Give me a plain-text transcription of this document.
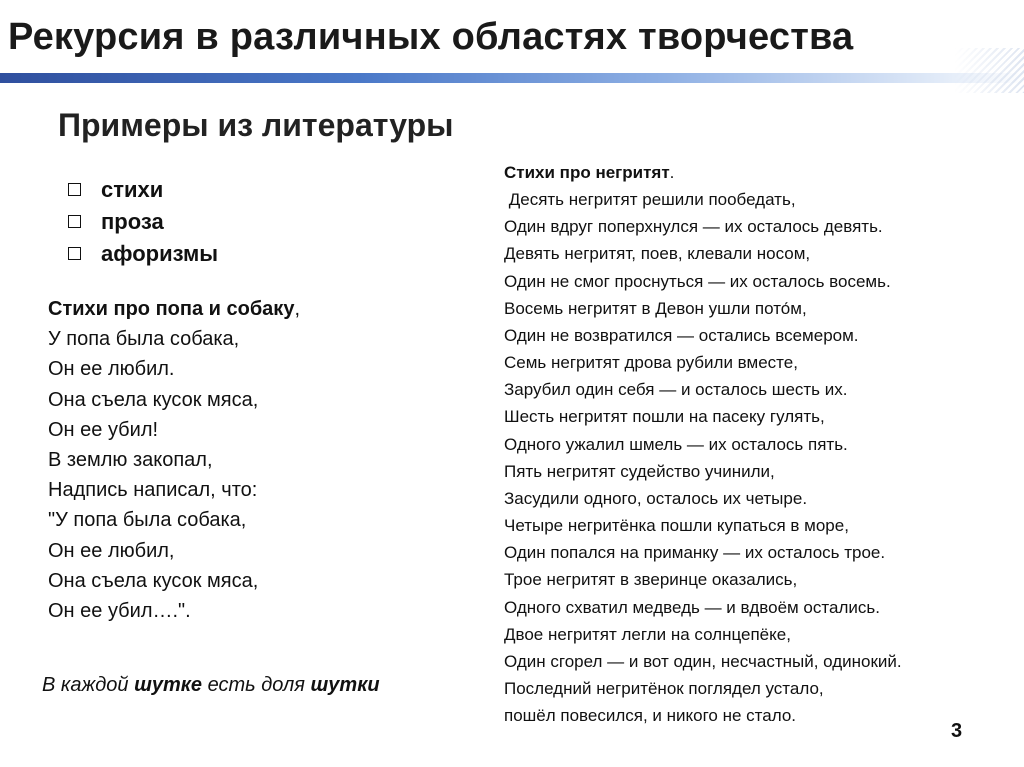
Рекурсия в различных областях творчества
Примеры из литературы
стихи
проза
афоризмы
Стихи про попа и собаку,
У попа была собака,
Он ее любил.
Она съела кусок мяса,
Он ее убил!
В землю закопал,
Надпись написал, что:
"У попа была собака,
Он ее любил,
Она съела кусок мяса,
Он ее убил….".
В каждой шутке есть доля шутки
Стихи про негритят.
Десять негритят решили пообедать,
Один вдруг поперхнулся — их осталось девять.
Девять негритят, поев, клевали носом,
Один не смог проснуться — их осталось восемь.
Восемь негритят в Девон ушли пото́м,
Один не возвратился — остались всемером.
Семь негритят дрова рубили вместе,
Зарубил один себя — и осталось шесть их.
Шесть негритят пошли на пасеку гулять,
Одного ужалил шмель — их осталось пять.
Пять негритят судейство учинили,
Засудили одного, осталось их четыре.
Четыре негритёнка пошли купаться в море,
Один попался на приманку — их осталось трое.
Трое негритят в зверинце оказались,
Одного схватил медведь — и вдвоём остались.
Двое негритят легли на солнцепёке,
Один сгорел — и вот один, несчастный, одинокий.
Последний негритёнок поглядел устало,
пошёл повесился, и никого не стало.
3
